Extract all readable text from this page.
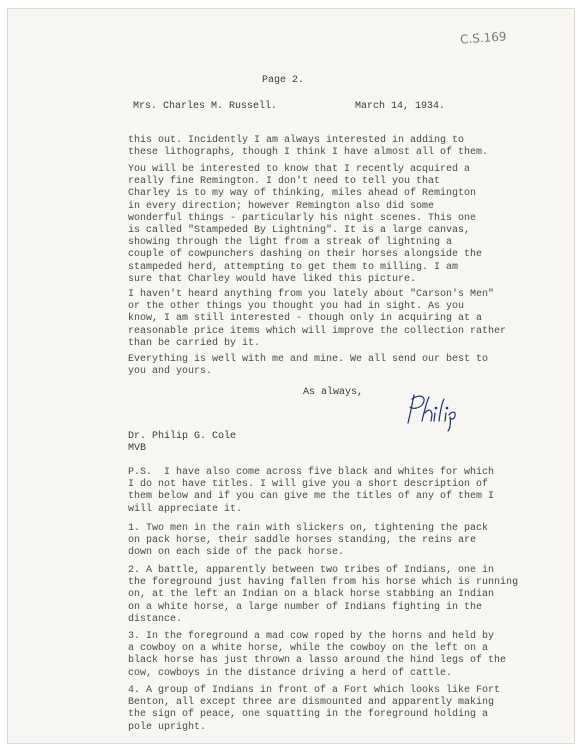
C.S.169
Page 2.
Mrs. Charles M. Russell.	March 14, 1934.

this out. Incidently I am always interested in adding to
these lithographs, though I think I have almost all of them.

You will be interested to know that I recently acquired a
really fine Remington. I don't need to tell you that
Charley is to my way of thinking, miles ahead of Remington
in every direction; however Remington also did some
wonderful things - particularly his night scenes. This one
is called "Stampeded By Lightning". It is a large canvas,
showing through the light from a streak of lightning a
couple of cowpunchers dashing on their horses alongside the
stampeded herd, attempting to get them to milling. I am
sure that Charley would have liked this picture.

I haven't heard anything from you lately about "Carson's Men"
or the other things you thought you had in sight. As you
know, I am still interested - though only in acquiring at a
reasonable price items which will improve the collection rather
than be carried by it.

Everything is well with me and mine. We all send our best to
you and yours.

As always,
Dr. Philip G. Cole
MVB

P.S.  I have also come across five black and whites for which
I do not have titles. I will give you a short description of
them below and if you can give me the titles of any of them I
will appreciate it.

1. Two men in the rain with slickers on, tightening the pack
on pack horse, their saddle horses standing, the reins are
down on each side of the pack horse.

2. A battle, apparently between two tribes of Indians, one in
the foreground just having fallen from his horse which is running
on, at the left an Indian on a black horse stabbing an Indian
on a white horse, a large number of Indians fighting in the
distance.

3. In the foreground a mad cow roped by the horns and held by
a cowboy on a white horse, while the cowboy on the left on a
black horse has just thrown a lasso around the hind legs of the
cow, cowboys in the distance driving a herd of cattle.

4. A group of Indians in front of a Fort which looks like Fort
Benton, all except three are dismounted and apparently making
the sign of peace, one squatting in the foreground holding a
pole upright.
